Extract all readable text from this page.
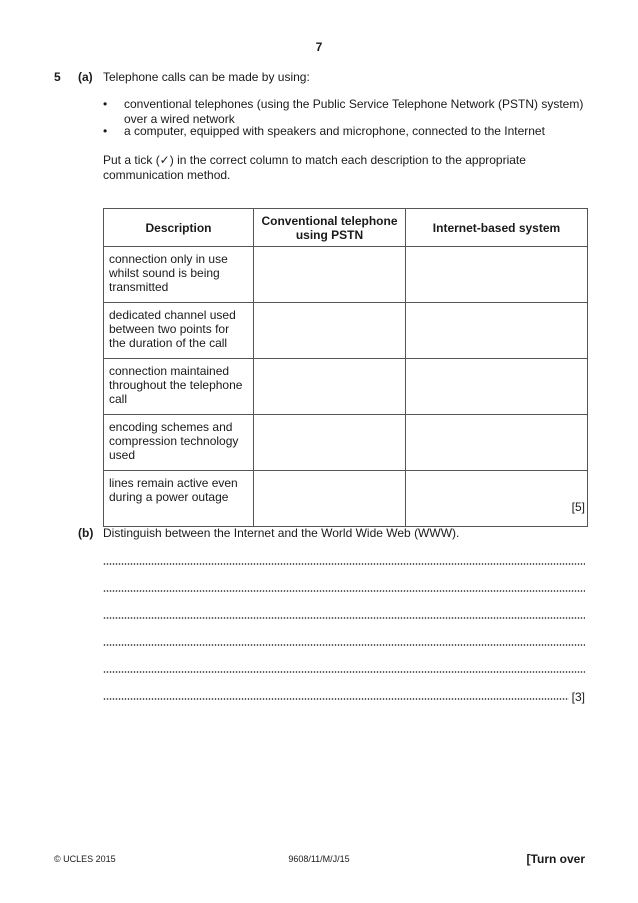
7
5 (a) Telephone calls can be made by using:
• conventional telephones (using the Public Service Telephone Network (PSTN) system) over a wired network
• a computer, equipped with speakers and microphone, connected to the Internet
Put a tick (✓) in the correct column to match each description to the appropriate communication method.
Description	Conventional telephone using PSTN	Internet-based system
connection only in use whilst sound is being transmitted		
dedicated channel used between two points for the duration of the call		
connection maintained throughout the telephone call		
encoding schemes and compression technology used		
lines remain active even during a power outage		
[5]
(b) Distinguish between the Internet and the World Wide Web (WWW).
[3]
© UCLES 2015	9608/11/M/J/15	[Turn over
